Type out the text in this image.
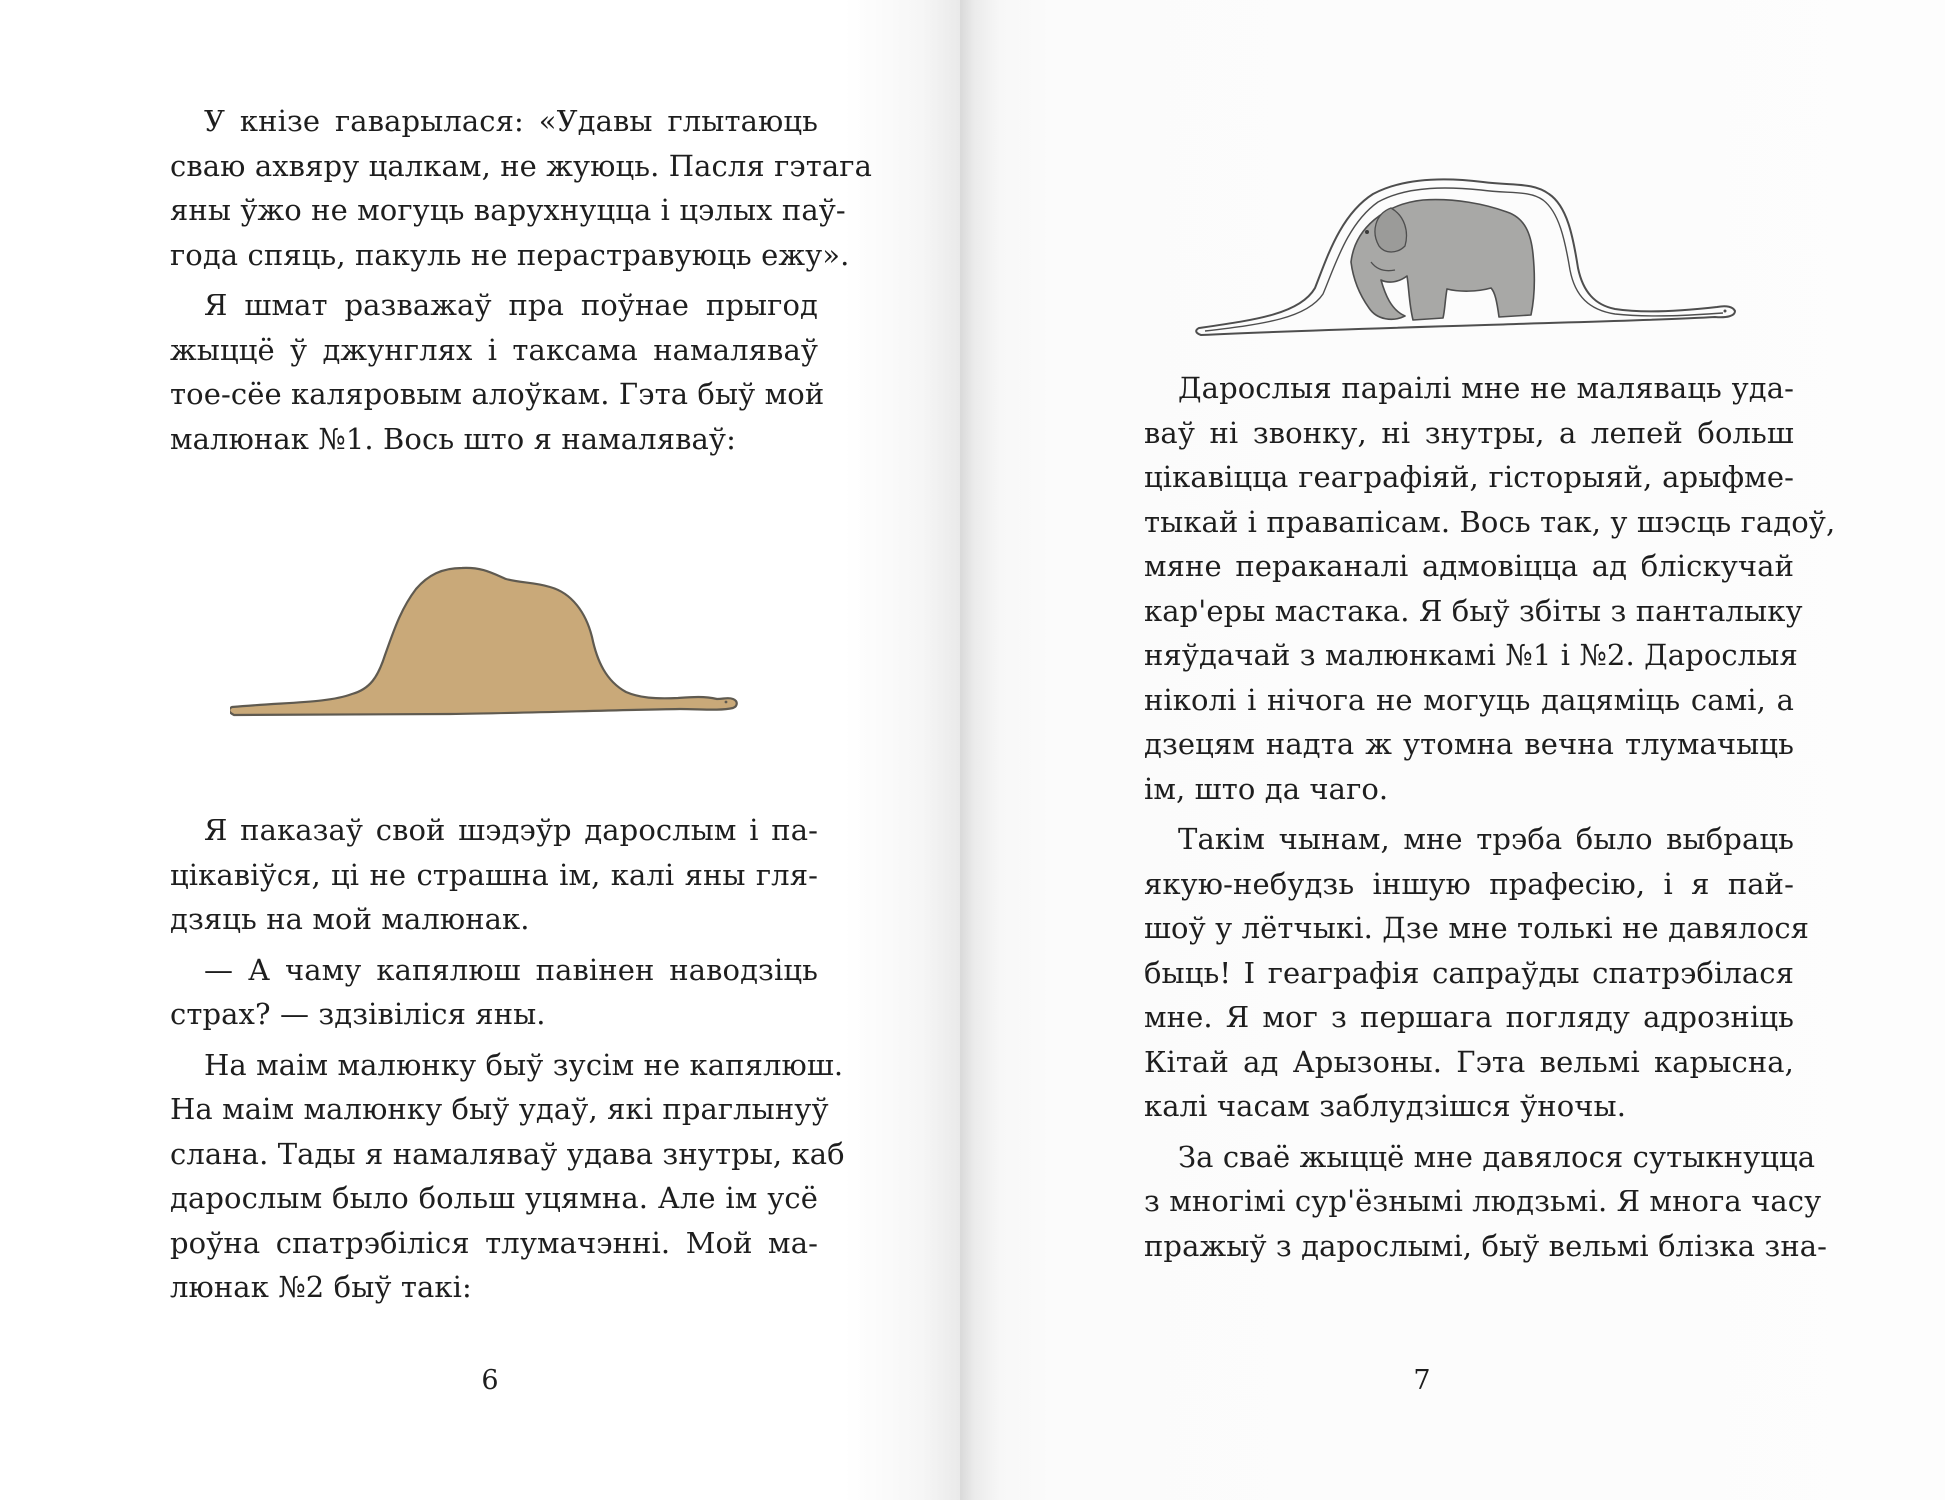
У кнізе гаварылася: «Удавы глытаюць
сваю ахвяру цалкам, не жуюць. Пасля гэтага
яны ўжо не могуць варухнуцца і цэлых паў-
года спяць, пакуль не перастравуюць ежу».

Я шмат разважаў пра поўнае прыгод
жыццё ў джунглях і таксама намаляваў
тое-сёе каляровым алоўкам. Гэта быў мой
малюнак №1. Вось што я намаляваў:

Я паказаў свой шэдэўр дарослым і па-
цікавіўся, ці не страшна ім, калі яны гля-
дзяць на мой малюнак.

— А чаму капялюш павінен наводзіць
страх? — здзівіліся яны.

На маім малюнку быў зусім не капялюш.
На маім малюнку быў удаў, які праглынуў
слана. Тады я намаляваў удава знутры, каб
дарослым было больш уцямна. Але ім усё
роўна спатрэбіліся тлумачэнні. Мой ма-
люнак №2 быў такі:

6

Дарослыя параілі мне не маляваць уда-
ваў ні звонку, ні знутры, а лепей больш
цікавіцца геаграфіяй, гісторыяй, арыфме-
тыкай і правапісам. Вось так, у шэсць гадоў,
мяне пераканалі адмовіцца ад бліскучай
кар'еры мастака. Я быў збіты з панталыку
няўдачай з малюнкамі №1 і №2. Дарослыя
ніколі і нічога не могуць дацяміць самі, а
дзецям надта ж утомна вечна тлумачыць
ім, што да чаго.

Такім чынам, мне трэба было выбраць
якую-небудзь іншую прафесію, і я пай-
шоў у лётчыкі. Дзе мне толькі не давялося
быць! І геаграфія сапраўды спатрэбілася
мне. Я мог з першага погляду адрозніць
Кітай ад Арызоны. Гэта вельмі карысна,
калі часам заблудзішся ўночы.

За сваё жыццё мне давялося сутыкнуцца
з многімі сур'ёзнымі людзьмі. Я многа часу
пражыў з дарослымі, быў вельмі блізка зна-

7
